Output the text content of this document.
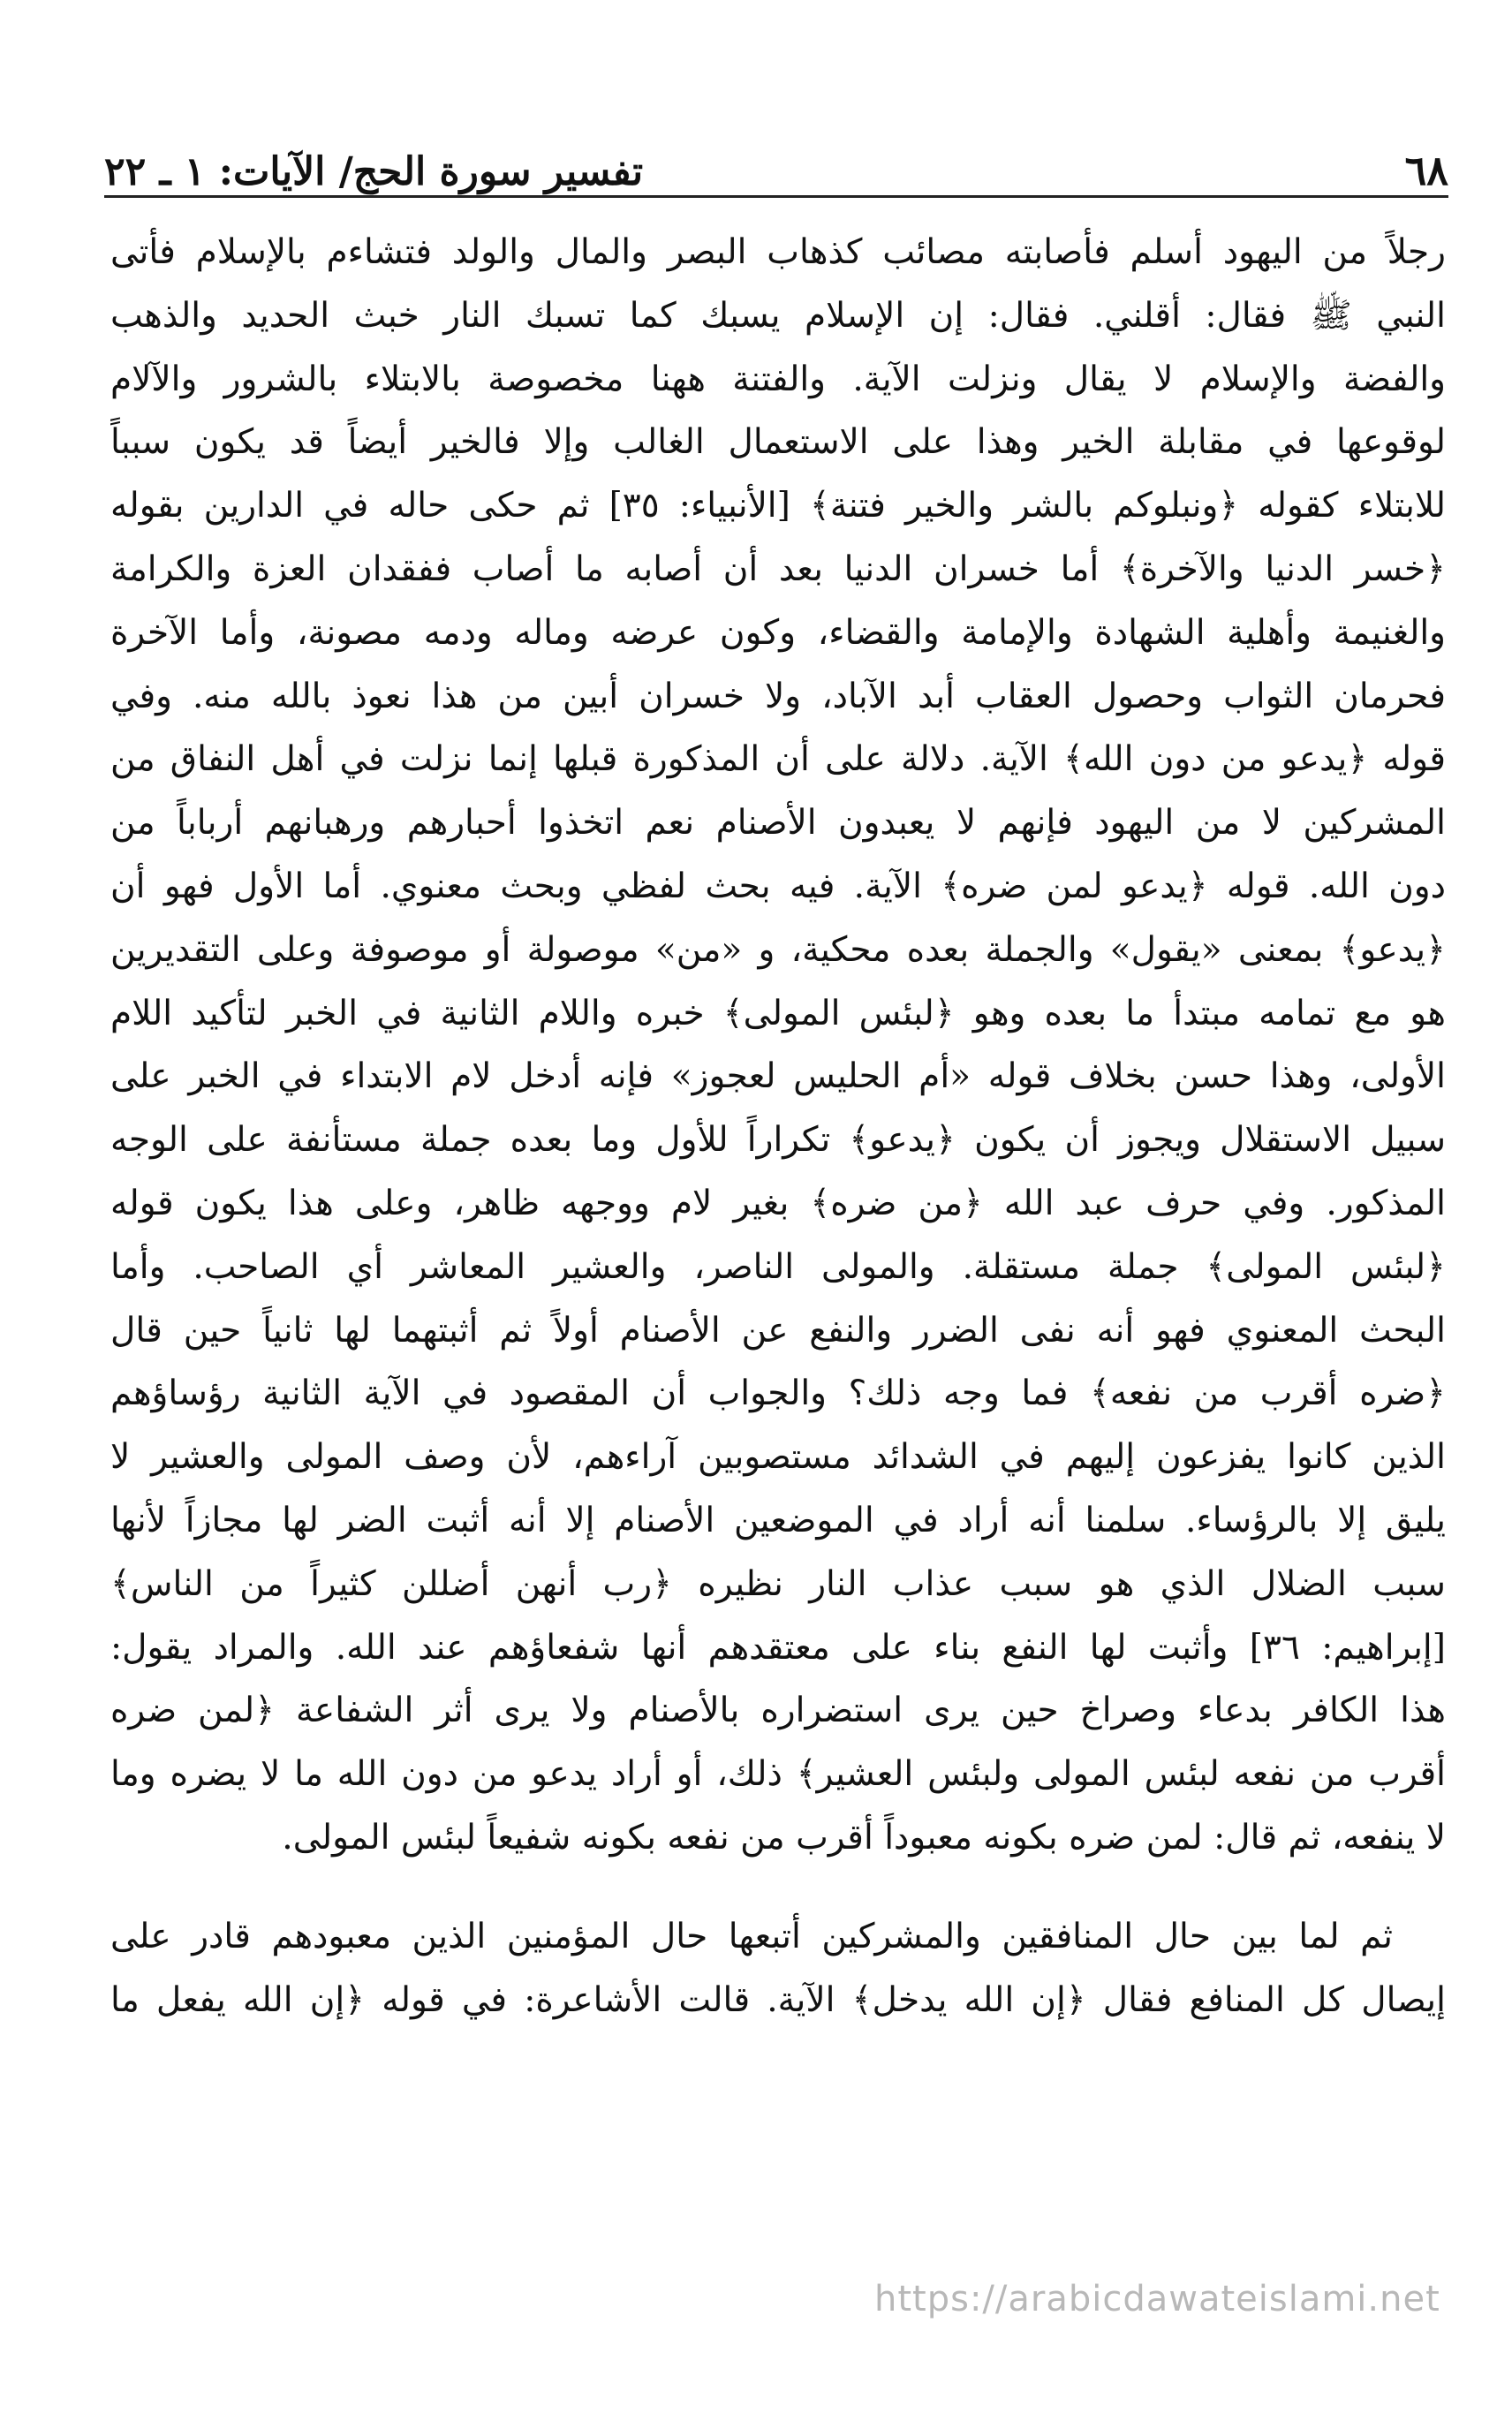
٦٨
تفسير سورة الحج/ الآيات: ١ ـ ٢٢
رجلاً من اليهود أسلم فأصابته مصائب كذهاب البصر والمال والولد فتشاءم بالإسلام فأتى
النبي ﷺ فقال: أقلني. فقال: إن الإسلام يسبك كما تسبك النار خبث الحديد والذهب
والفضة والإسلام لا يقال ونزلت الآية. والفتنة ههنا مخصوصة بالابتلاء بالشرور والآلام
لوقوعها في مقابلة الخير وهذا على الاستعمال الغالب وإلا فالخير أيضاً قد يكون سبباً
للابتلاء كقوله ﴿ونبلوكم بالشر والخير فتنة﴾ [الأنبياء: ٣٥] ثم حكى حاله في الدارين بقوله
﴿خسر الدنيا والآخرة﴾ أما خسران الدنيا بعد أن أصابه ما أصاب ففقدان العزة والكرامة
والغنيمة وأهلية الشهادة والإمامة والقضاء، وكون عرضه وماله ودمه مصونة، وأما الآخرة
فحرمان الثواب وحصول العقاب أبد الآباد، ولا خسران أبين من هذا نعوذ بالله منه. وفي
قوله ﴿يدعو من دون الله﴾ الآية. دلالة على أن المذكورة قبلها إنما نزلت في أهل النفاق من
المشركين لا من اليهود فإنهم لا يعبدون الأصنام نعم اتخذوا أحبارهم ورهبانهم أرباباً من
دون الله. قوله ﴿يدعو لمن ضره﴾ الآية. فيه بحث لفظي وبحث معنوي. أما الأول فهو أن
﴿يدعو﴾ بمعنى «يقول» والجملة بعده محكية، و «من» موصولة أو موصوفة وعلى التقديرين
هو مع تمامه مبتدأ ما بعده وهو ﴿لبئس المولى﴾ خبره واللام الثانية في الخبر لتأكيد اللام
الأولى، وهذا حسن بخلاف قوله «أم الحليس لعجوز» فإنه أدخل لام الابتداء في الخبر على
سبيل الاستقلال ويجوز أن يكون ﴿يدعو﴾ تكراراً للأول وما بعده جملة مستأنفة على الوجه
المذكور. وفي حرف عبد الله ﴿من ضره﴾ بغير لام ووجهه ظاهر، وعلى هذا يكون قوله
﴿لبئس المولى﴾ جملة مستقلة. والمولى الناصر، والعشير المعاشر أي الصاحب. وأما
البحث المعنوي فهو أنه نفى الضرر والنفع عن الأصنام أولاً ثم أثبتهما لها ثانياً حين قال
﴿ضره أقرب من نفعه﴾ فما وجه ذلك؟ والجواب أن المقصود في الآية الثانية رؤساؤهم
الذين كانوا يفزعون إليهم في الشدائد مستصوبين آراءهم، لأن وصف المولى والعشير لا
يليق إلا بالرؤساء. سلمنا أنه أراد في الموضعين الأصنام إلا أنه أثبت الضر لها مجازاً لأنها
سبب الضلال الذي هو سبب عذاب النار نظيره ﴿رب أنهن أضللن كثيراً من الناس﴾
[إبراهيم: ٣٦] وأثبت لها النفع بناء على معتقدهم أنها شفعاؤهم عند الله. والمراد يقول:
هذا الكافر بدعاء وصراخ حين يرى استضراره بالأصنام ولا يرى أثر الشفاعة ﴿لمن ضره
أقرب من نفعه لبئس المولى ولبئس العشير﴾ ذلك، أو أراد يدعو من دون الله ما لا يضره وما
لا ينفعه، ثم قال: لمن ضره بكونه معبوداً أقرب من نفعه بكونه شفيعاً لبئس المولى.
ثم لما بين حال المنافقين والمشركين أتبعها حال المؤمنين الذين معبودهم قادر على
إيصال كل المنافع فقال ﴿إن الله يدخل﴾ الآية. قالت الأشاعرة: في قوله ﴿إن الله يفعل ما
https://arabicdawateislami.net
